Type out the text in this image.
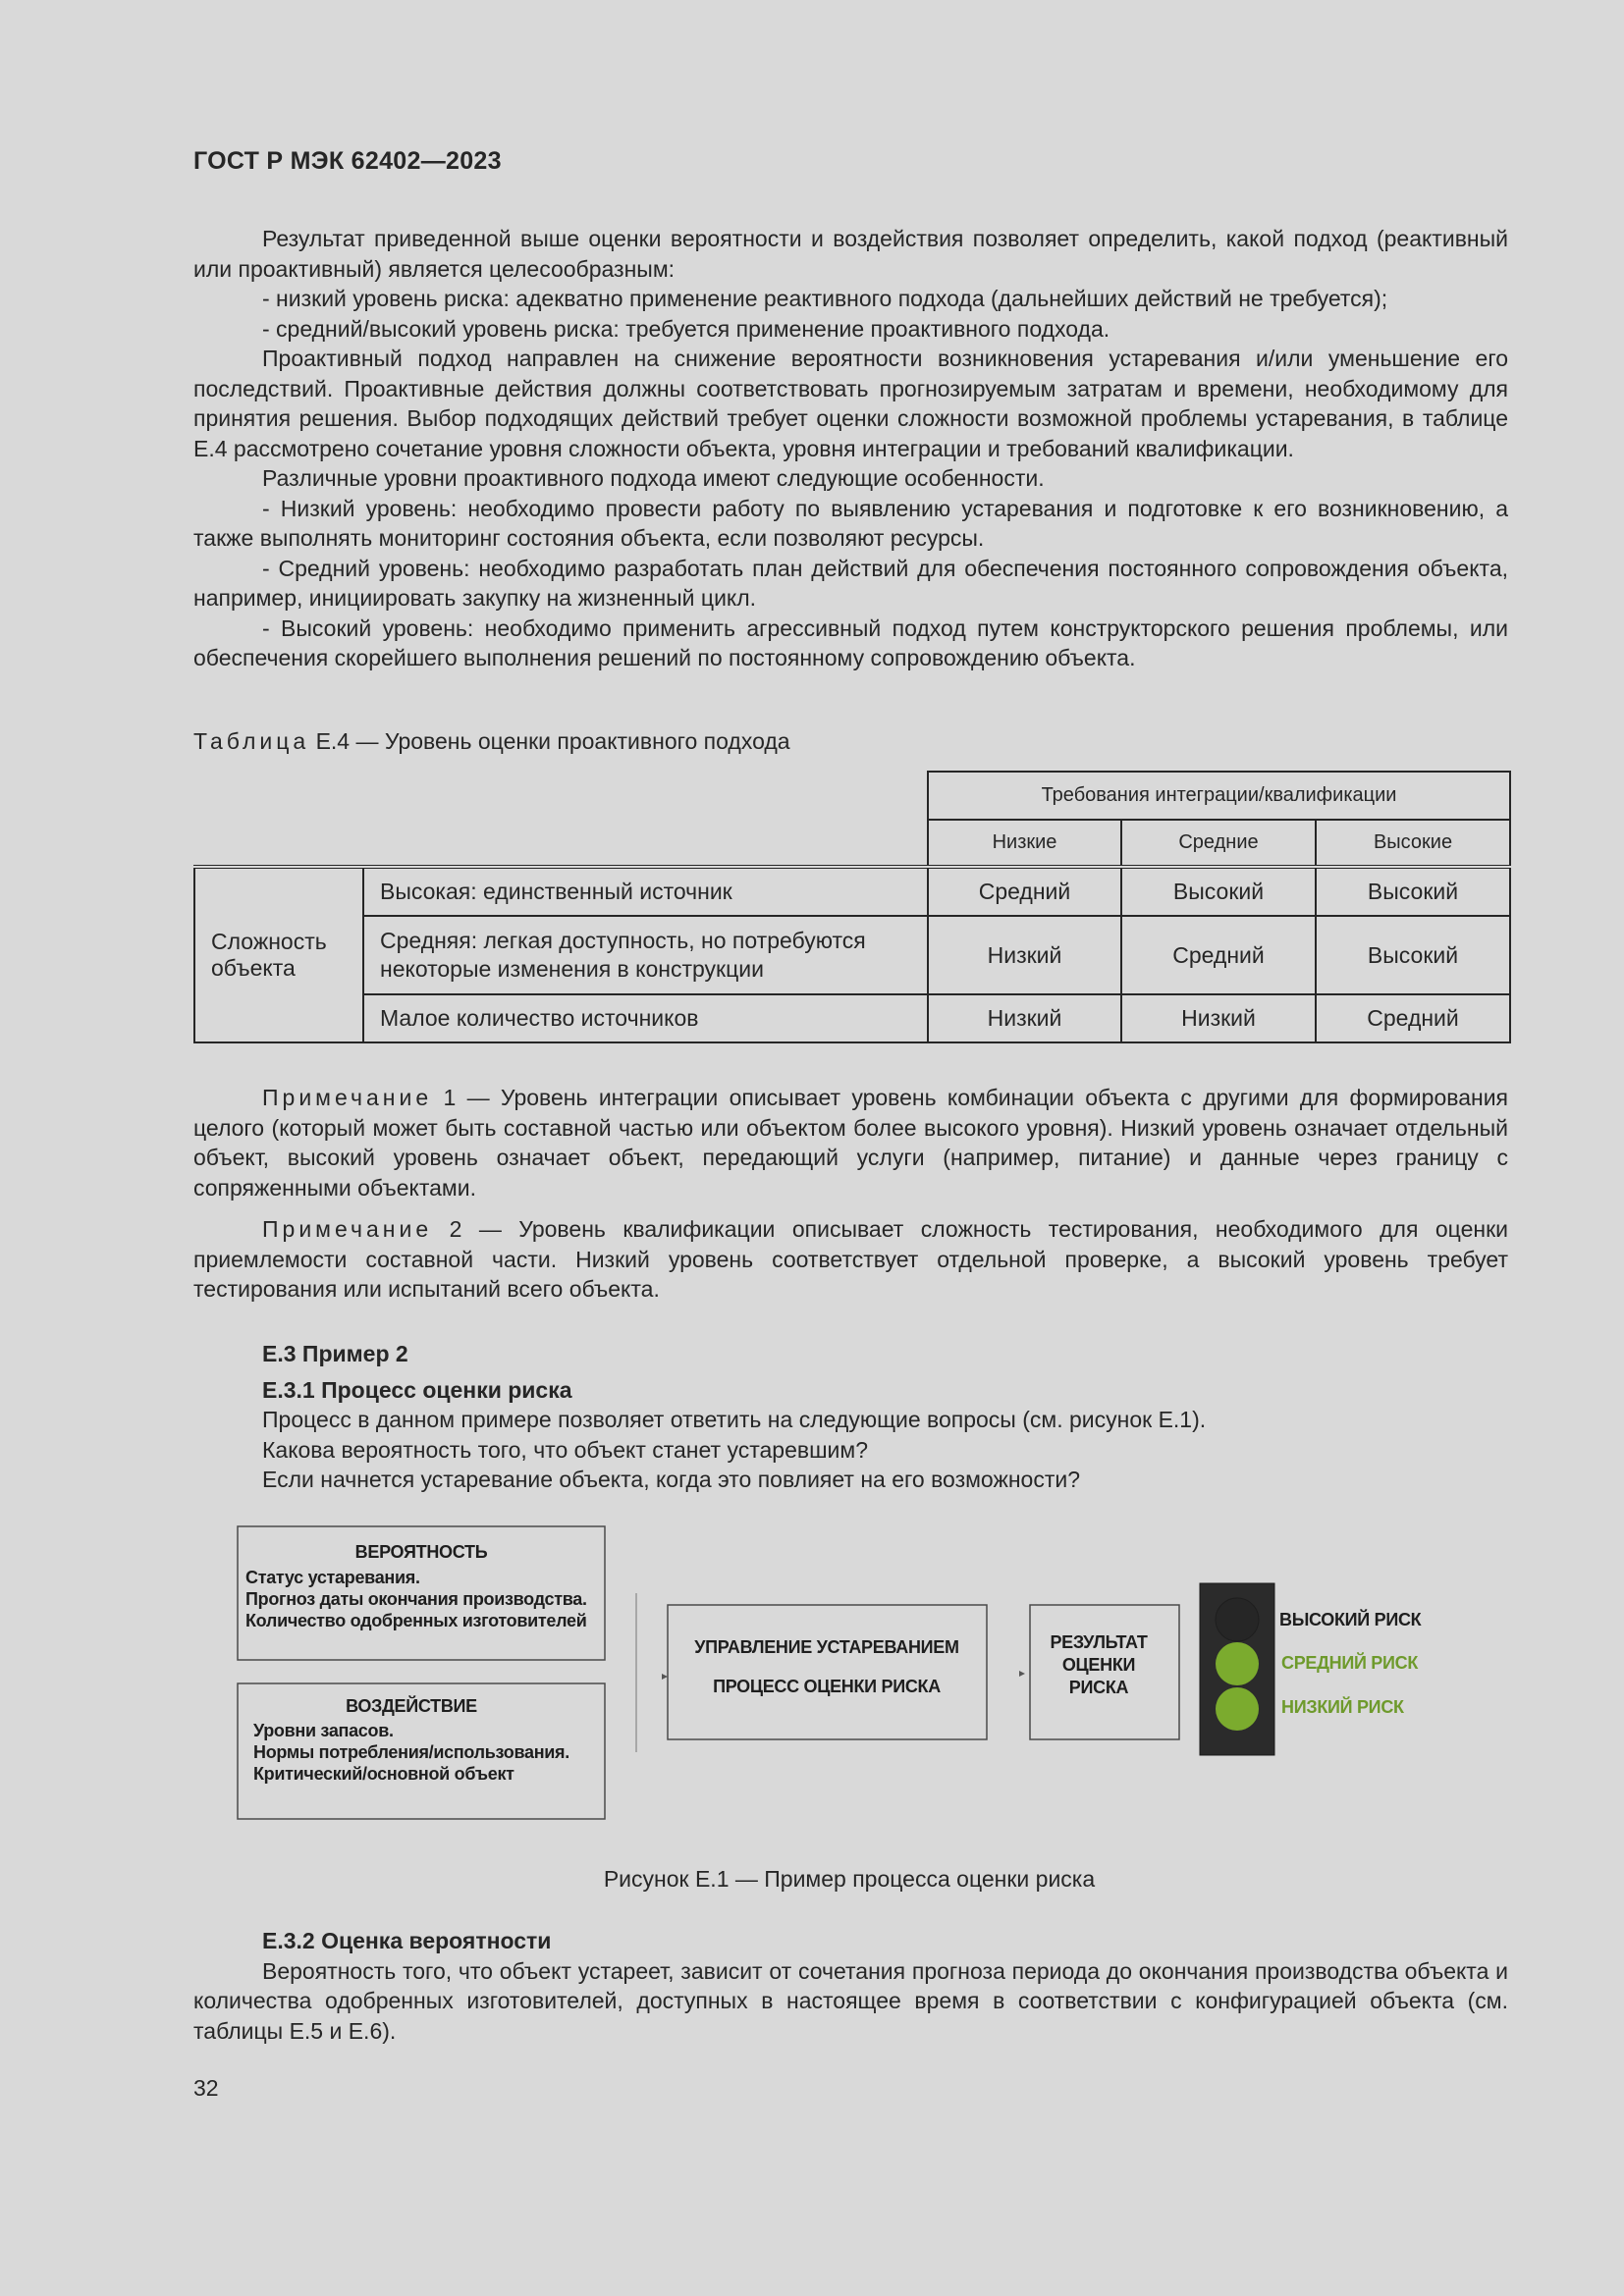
ГОСТ Р МЭК 62402—2023

Результат приведенной выше оценки вероятности и воздействия позволяет определить, какой подход (реактивный или проактивный) является целесообразным:

- низкий уровень риска: адекватно применение реактивного подхода (дальнейших действий не требуется);

- средний/высокий уровень риска: требуется применение проактивного подхода.

Проактивный подход направлен на снижение вероятности возникновения устаревания и/или уменьшение его последствий. Проактивные действия должны соответствовать прогнозируемым затратам и времени, необходимому для принятия решения. Выбор подходящих действий требует оценки сложности возможной проблемы устаревания, в таблице Е.4 рассмотрено сочетание уровня сложности объекта, уровня интеграции и требований квалификации.

Различные уровни проактивного подхода имеют следующие особенности.

- Низкий уровень: необходимо провести работу по выявлению устаревания и подготовке к его возникновению, а также выполнять мониторинг состояния объекта, если позволяют ресурсы.

- Средний уровень: необходимо разработать план действий для обеспечения постоянного сопровождения объекта, например, инициировать закупку на жизненный цикл.

- Высокий уровень: необходимо применить агрессивный подход путем конструкторского решения проблемы, или обеспечения скорейшего выполнения решений по постоянному сопровождению объекта.

Таблица Е.4 — Уровень оценки проактивного подхода
		Требования интеграции/квалификации		
		Низкие	Средние	Высокие
Сложность объекта	Высокая: единственный источник	Средний	Высокий	Высокий
	Средняя: легкая доступность, но потребуются некоторые изменения в конструкции	Низкий	Средний	Высокий
	Малое количество источников	Низкий	Низкий	Средний

Примечание 1 — Уровень интеграции описывает уровень комбинации объекта с другими для формирования целого (который может быть составной частью или объектом более высокого уровня). Низкий уровень означает отдельный объект, высокий уровень означает объект, передающий услуги (например, питание) и данные через границу с сопряженными объектами.

Примечание 2 — Уровень квалификации описывает сложность тестирования, необходимого для оценки приемлемости составной части. Низкий уровень соответствует отдельной проверке, а высокий уровень требует тестирования или испытаний всего объекта.

Е.3 Пример 2

Е.3.1 Процесс оценки риска

Процесс в данном примере позволяет ответить на следующие вопросы (см. рисунок Е.1).

Какова вероятность того, что объект станет устаревшим?

Если начнется устаревание объекта, когда это повлияет на его возможности?

ВЕРОЯТНОСТЬ
Статус устаревания.
Прогноз даты окончания производства.
Количество одобренных изготовителей
ВОЗДЕЙСТВИЕ
Уровни запасов.
Нормы потребления/использования.
Критический/основной объект
УПРАВЛЕНИЕ УСТАРЕВАНИЕМ
ПРОЦЕСС ОЦЕНКИ РИСКА
РЕЗУЛЬТАТ
ОЦЕНКИ
РИСКА
ВЫСОКИЙ РИСК
СРЕДНИЙ РИСК
НИЗКИЙ РИСК
Рисунок Е.1 — Пример процесса оценки риска

Е.3.2 Оценка вероятности

Вероятность того, что объект устареет, зависит от сочетания прогноза периода до окончания производства объекта и количества одобренных изготовителей, доступных в настоящее время в соответствии с конфигурацией объекта (см. таблицы Е.5 и Е.6).

32
